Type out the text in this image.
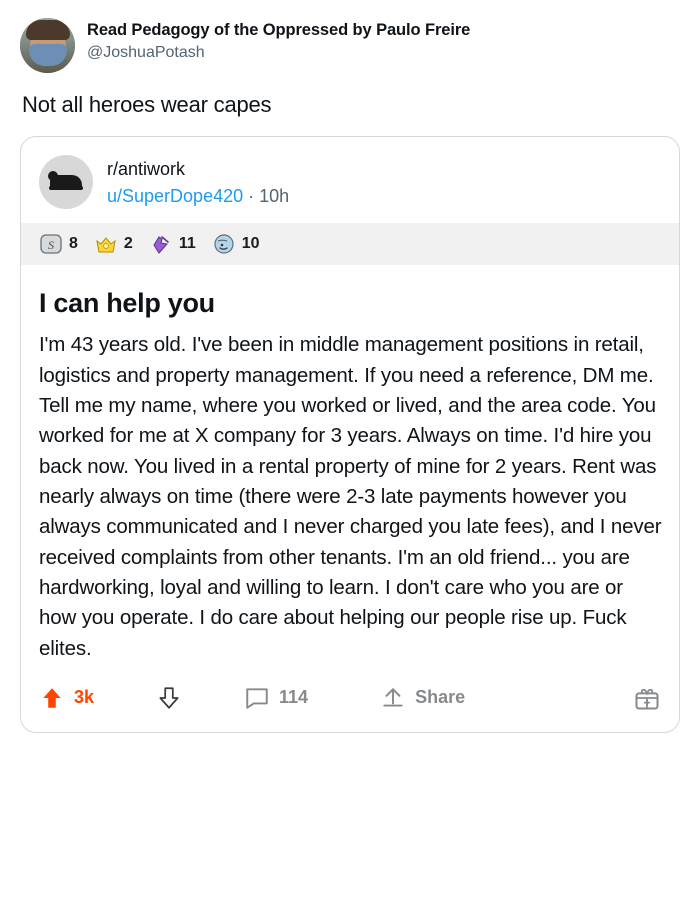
Read Pedagogy of the Oppressed by Paulo Freire
@JoshuaPotash
Not all heroes wear capes
r/antiwork
u/SuperDope420 · 10h
S 8	2	11	10
I can help you
I'm 43 years old. I've been in middle management positions in retail, logistics and property management. If you need a reference, DM me. Tell me my name, where you worked or lived, and the area code. You worked for me at X company for 3 years. Always on time. I'd hire you back now. You lived in a rental property of mine for 2 years. Rent was nearly always on time (there were 2-3 late payments however you always communicated and I never charged you late fees), and I never received complaints from other tenants. I'm an old friend... you are hardworking, loyal and willing to learn. I don't care who you are or how you operate. I do care about helping our people rise up. Fuck elites.
3k	114	Share
